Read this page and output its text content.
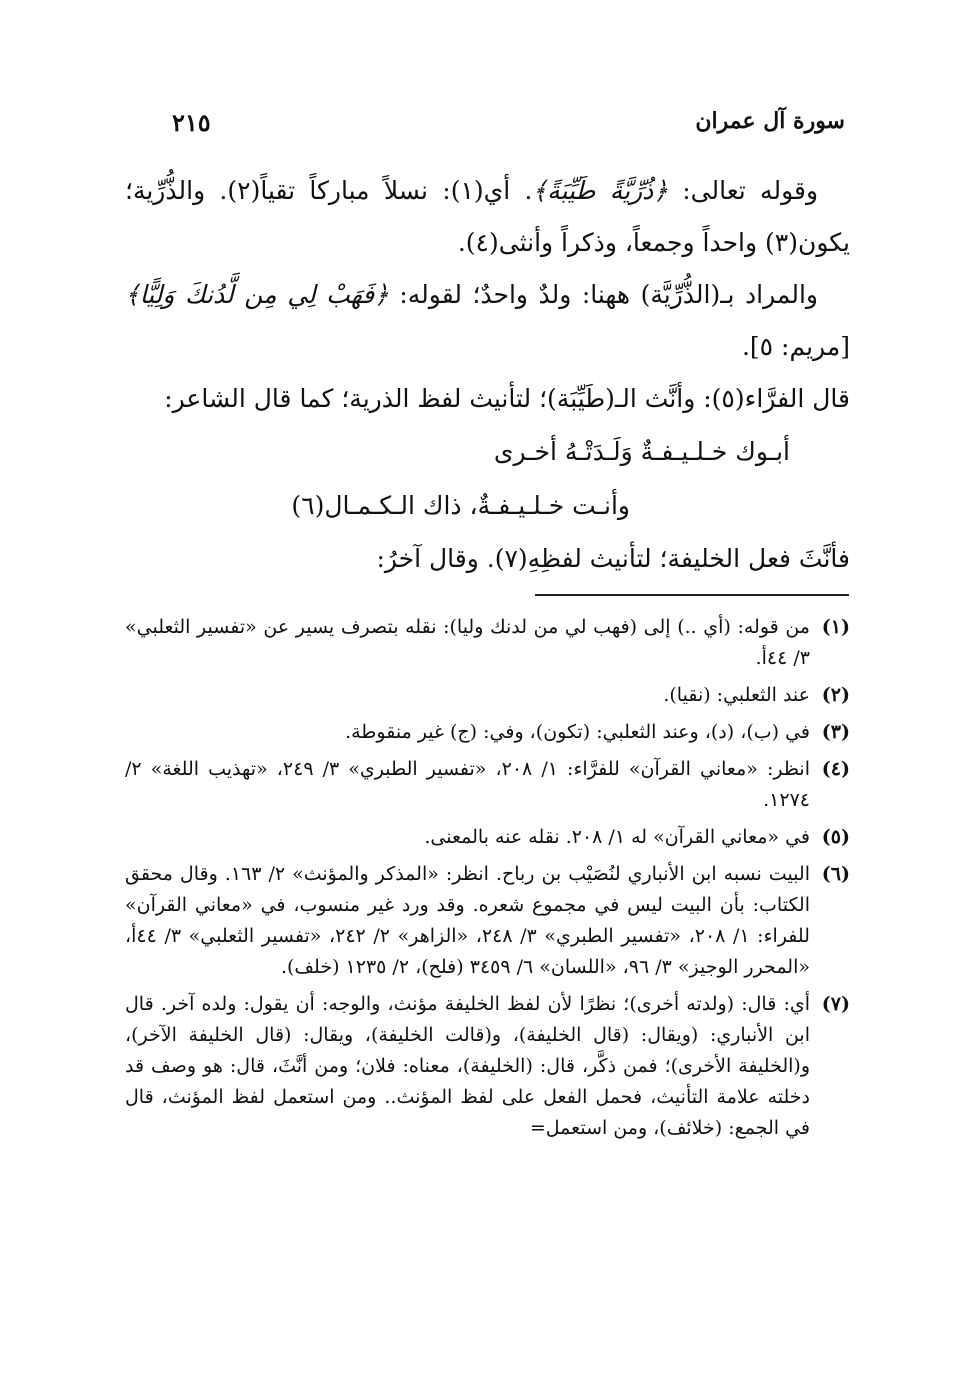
سورة آل عمران
٢١٥

وقوله تعالى: ﴿ذُرِّيَّةً طَيِّبَةً﴾. أي(١): نسلاً مباركاً تقياً(٢). والذُّرِّية؛ يكون(٣) واحداً وجمعاً، وذكراً وأنثى(٤).

والمراد بـ(الذُّرِّيَّة) ههنا: ولدٌ واحدٌ؛ لقوله: ﴿فَهَبْ لِي مِن لَّدُنكَ وَلِيًّا﴾ [مريم: ٥].

قال الفرَّاء(٥): وأنَّث الـ(طَيِّبَة)؛ لتأنيث لفظ الذرية؛ كما قال الشاعر:

أبـوك خـلـيـفـةٌ وَلَـدَتْـهُ أخـرى

وأنـت خـلـيـفـةٌ، ذاك الـكـمـال(٦)

فأنَّثَ فعل الخليفة؛ لتأنيث لفظِهِ(٧). وقال آخرُ:

(١)
من قوله: (أي ..) إلى (فهب لي من لدنك وليا): نقله بتصرف يسير عن «تفسير الثعلبي» ٣/ ٤٤أ.
(٢)
عند الثعلبي: (نقيا).
(٣)
في (ب)، (د)، وعند الثعلبي: (تكون)، وفي: (ج) غير منقوطة.
(٤)
انظر: «معاني القرآن» للفرَّاء: ١/ ٢٠٨، «تفسير الطبري» ٣/ ٢٤٩، «تهذيب اللغة» ٢/ ١٢٧٤.
(٥)
في «معاني القرآن» له ١/ ٢٠٨. نقله عنه بالمعنى.
(٦)
البيت نسبه ابن الأنباري لنُصَيْب بن رباح. انظر: «المذكر والمؤنث» ٢/ ١٦٣. وقال محقق الكتاب: بأن البيت ليس في مجموع شعره. وقد ورد غير منسوب، في «معاني القرآن» للفراء: ١/ ٢٠٨، «تفسير الطبري» ٣/ ٢٤٨، «الزاهر» ٢/ ٢٤٢، «تفسير الثعلبي» ٣/ ٤٤أ، «المحرر الوجيز» ٣/ ٩٦، «اللسان» ٦/ ٣٤٥٩ (فلح)، ٢/ ١٢٣٥ (خلف).
(٧)
أي: قال: (ولدته أخرى)؛ نظرًا لأن لفظ الخليفة مؤنث، والوجه: أن يقول: ولده آخر. قال ابن الأنباري: (ويقال: (قال الخليفة)، و(قالت الخليفة)، ويقال: (قال الخليفة الآخر)، و(الخليفة الأخرى)؛ فمن ذكَّر، قال: (الخليفة)، معناه: فلان؛ ومن أنَّثَ، قال: هو وصف قد دخلته علامة التأنيث، فحمل الفعل على لفظ المؤنث.. ومن استعمل لفظ المؤنث، قال في الجمع: (خلائف)، ومن استعمل=
